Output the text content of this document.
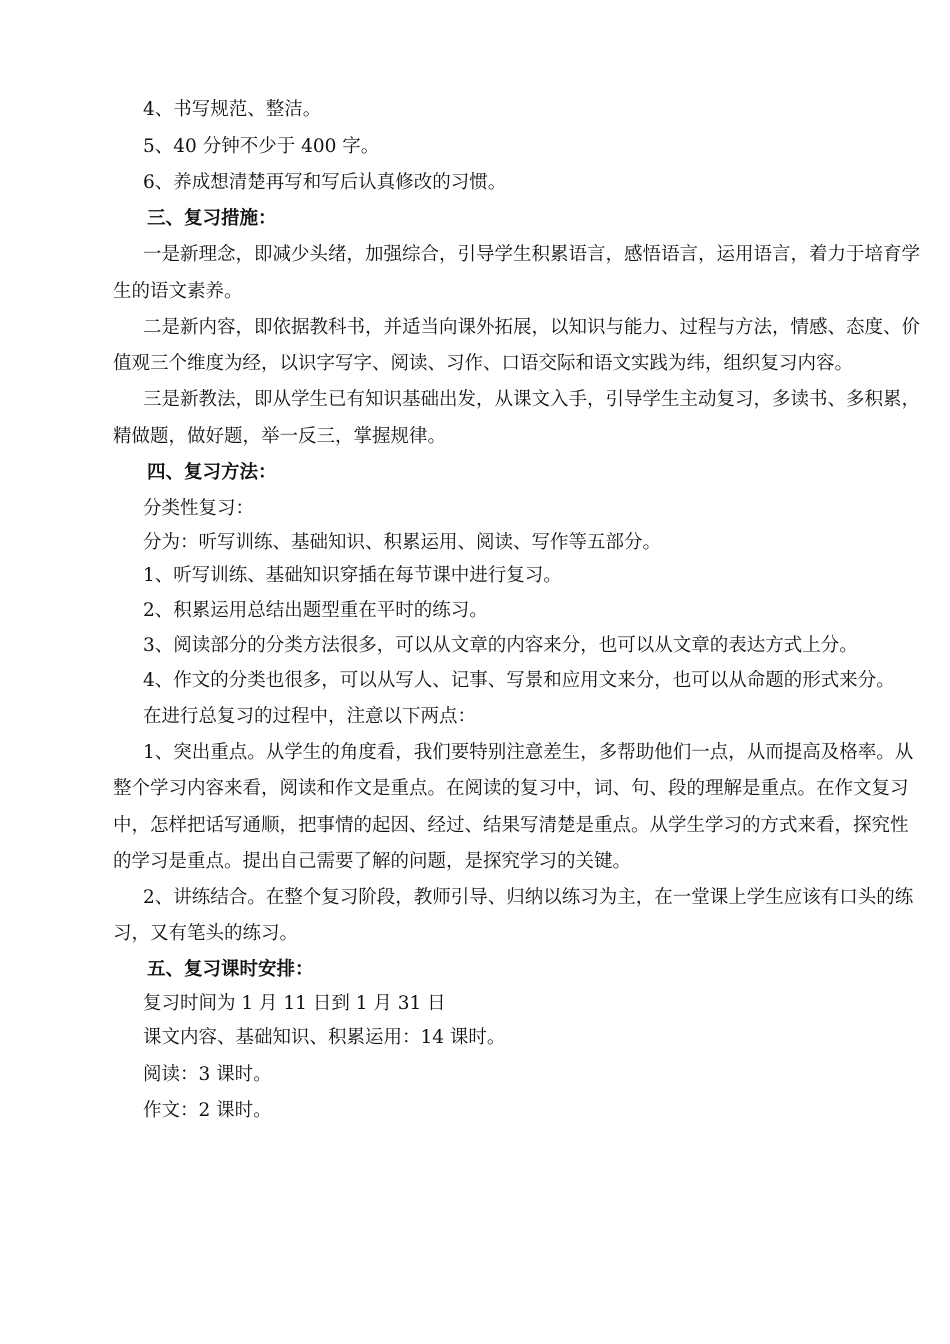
4、书写规范、整洁。
5、40 分钟不少于 400 字。
6、养成想清楚再写和写后认真修改的习惯。
三、复习措施：
一是新理念，即减少头绪，加强综合，引导学生积累语言，感悟语言，运用语言，着力于培育学
生的语文素养。
二是新内容，即依据教科书，并适当向课外拓展，以知识与能力、过程与方法，情感、态度、价
值观三个维度为经，以识字写字、阅读、习作、口语交际和语文实践为纬，组织复习内容。
三是新教法，即从学生已有知识基础出发，从课文入手，引导学生主动复习，多读书、多积累，
精做题，做好题，举一反三，掌握规律。
四、复习方法：
分类性复习：
分为：听写训练、基础知识、积累运用、阅读、写作等五部分。
1、听写训练、基础知识穿插在每节课中进行复习。
2、积累运用总结出题型重在平时的练习。
3、阅读部分的分类方法很多，可以从文章的内容来分，也可以从文章的表达方式上分。
4、作文的分类也很多，可以从写人、记事、写景和应用文来分，也可以从命题的形式来分。
在进行总复习的过程中，注意以下两点：
1、突出重点。从学生的角度看，我们要特别注意差生，多帮助他们一点，从而提高及格率。从
整个学习内容来看，阅读和作文是重点。在阅读的复习中，词、句、段的理解是重点。在作文复习
中，怎样把话写通顺，把事情的起因、经过、结果写清楚是重点。从学生学习的方式来看，探究性
的学习是重点。提出自己需要了解的问题，是探究学习的关键。
2、讲练结合。在整个复习阶段，教师引导、归纳以练习为主，在一堂课上学生应该有口头的练
习，又有笔头的练习。
五、复习课时安排：
复习时间为 1 月 11 日到 1 月 31 日
课文内容、基础知识、积累运用：14 课时。
阅读：3 课时。
作文：2 课时。
